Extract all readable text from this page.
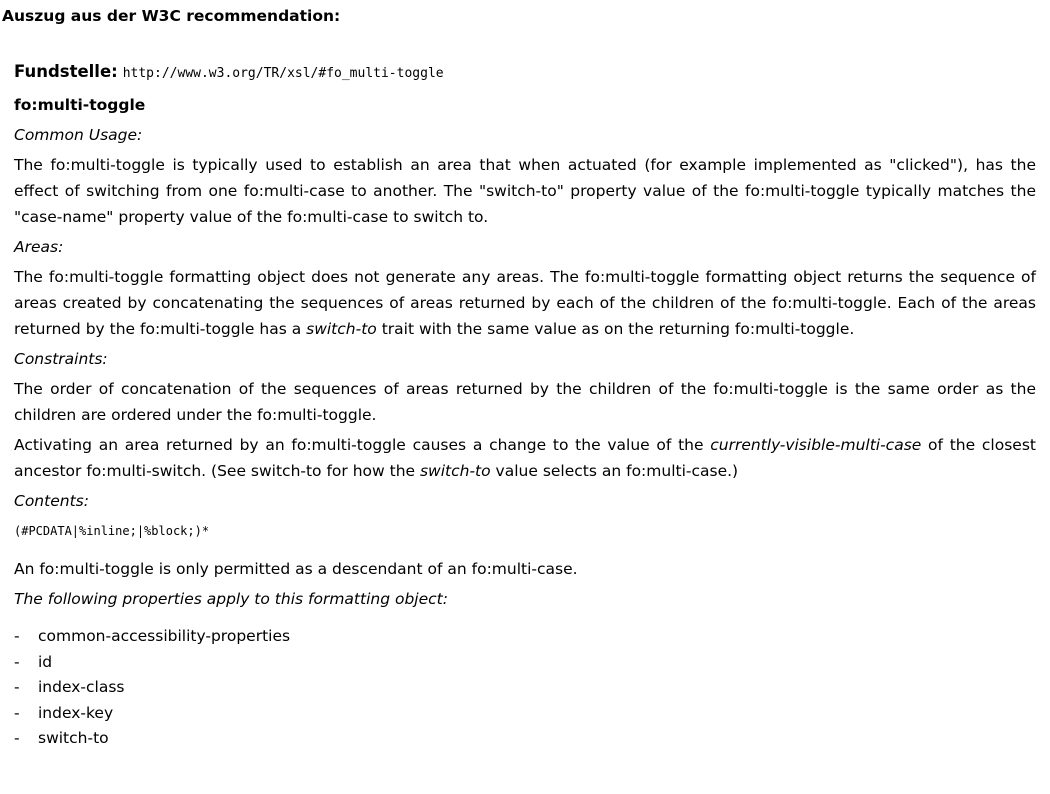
Auszug aus der W3C recommendation:
Fundstelle: http://www.w3.org/TR/xsl/#fo_multi-toggle
fo:multi-toggle
Common Usage:

The fo:multi-toggle is typically used to establish an area that when actuated (for example implemented as "clicked"), has the effect of switching from one fo:multi-case to another. The "switch-to" property value of the fo:multi-toggle typically matches the "case-name" property value of the fo:multi-case to switch to.

Areas:

The fo:multi-toggle formatting object does not generate any areas. The fo:multi-toggle formatting object returns the sequence of areas created by concatenating the sequences of areas returned by each of the children of the fo:multi-toggle. Each of the areas returned by the fo:multi-toggle has a switch-to trait with the same value as on the returning fo:multi-toggle.

Constraints:

The order of concatenation of the sequences of areas returned by the children of the fo:multi-toggle is the same order as the children are ordered under the fo:multi-toggle.

Activating an area returned by an fo:multi-toggle causes a change to the value of the currently-visible-multi-case of the closest ancestor fo:multi-switch. (See switch-to for how the switch-to value selects an fo:multi-case.)

Contents:
(#PCDATA|%inline;|%block;)*

An fo:multi-toggle is only permitted as a descendant of an fo:multi-case.

The following properties apply to this formatting object:
-	common-accessibility-properties
-	id
-	index-class
-	index-key
-	switch-to
